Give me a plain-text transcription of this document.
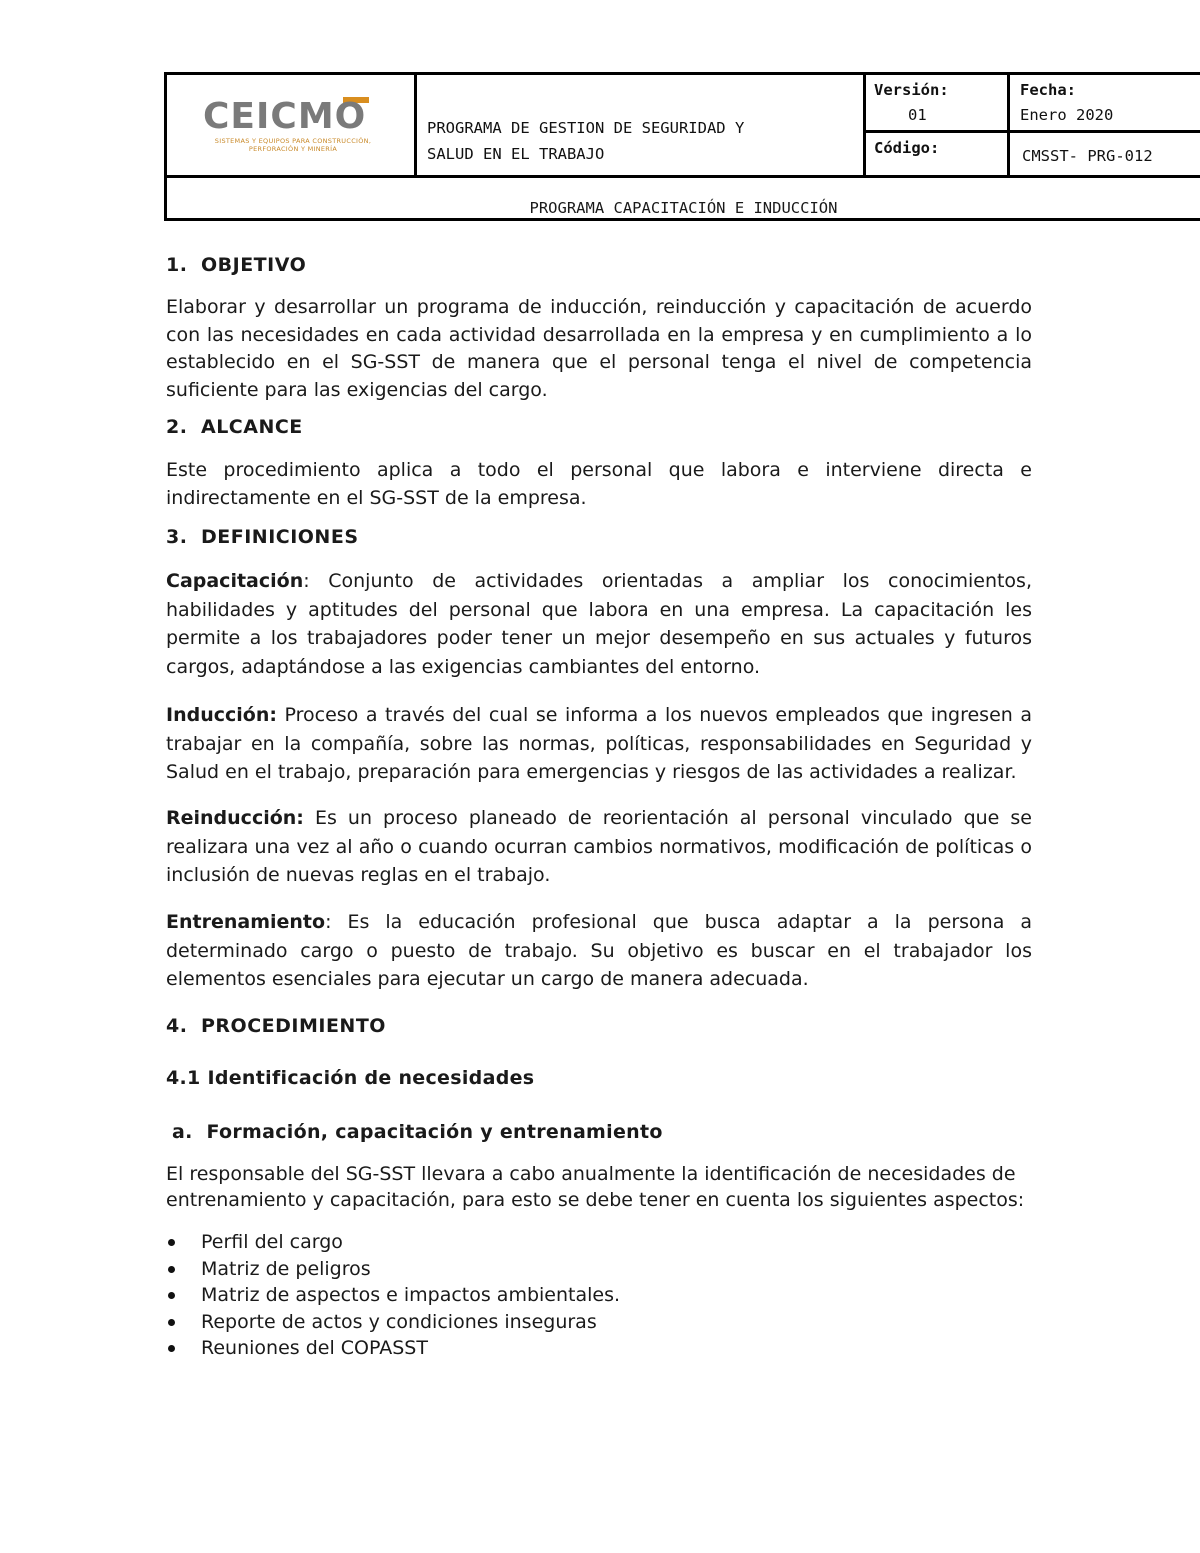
CEICMO
SISTEMAS Y EQUIPOS PARA CONSTRUCCIÓN, PERFORACIÓN Y MINERÍA
PROGRAMA DE GESTION DE SEGURIDAD Y
SALUD EN EL TRABAJO
Versión:
01
Código:
Fecha:
Enero 2020
CMSST- PRG-012
PROGRAMA CAPACITACIÓN E INDUCCIÓN
1. OBJETIVO
Elaborar y desarrollar un programa de inducción, reinducción y capacitación de acuerdo con las necesidades en cada actividad desarrollada en la empresa y en cumplimiento a lo establecido en el SG-SST de manera que el personal tenga el nivel de competencia suficiente para las exigencias del cargo.
2. ALCANCE
Este procedimiento aplica a todo el personal que labora e interviene directa e indirectamente en el SG-SST de la empresa.
3. DEFINICIONES
Capacitación: Conjunto de actividades orientadas a ampliar los conocimientos, habilidades y aptitudes del personal que labora en una empresa. La capacitación les permite a los trabajadores poder tener un mejor desempeño en sus actuales y futuros cargos, adaptándose a las exigencias cambiantes del entorno.
Inducción: Proceso a través del cual se informa a los nuevos empleados que ingresen a trabajar en la compañía, sobre las normas, políticas, responsabilidades en Seguridad y Salud en el trabajo, preparación para emergencias y riesgos de las actividades a realizar.
Reinducción: Es un proceso planeado de reorientación al personal vinculado que se realizara una vez al año o cuando ocurran cambios normativos, modificación de políticas o inclusión de nuevas reglas en el trabajo.
Entrenamiento: Es la educación profesional que busca adaptar a la persona a determinado cargo o puesto de trabajo. Su objetivo es buscar en el trabajador los elementos esenciales para ejecutar un cargo de manera adecuada.
4. PROCEDIMIENTO
4.1 Identificación de necesidades
a.  Formación, capacitación y entrenamiento
El responsable del SG-SST llevara a cabo anualmente la identificación de necesidades de entrenamiento y capacitación, para esto se debe tener en cuenta los siguientes aspectos:
Perfil del cargo
Matriz de peligros
Matriz de aspectos e impactos ambientales.
Reporte de actos y condiciones inseguras
Reuniones del COPASST
